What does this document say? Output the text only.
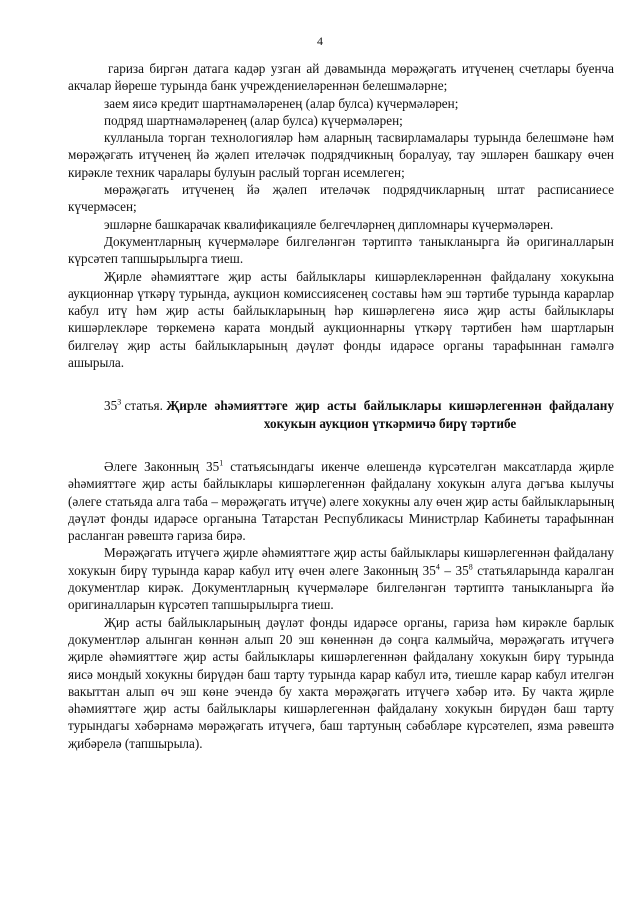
4

гариза биргән датага кадәр узган ай дәвамында мөрәҗәгать итүченең счетлары буенча акчалар йөреше турында банк учреждениеләреннән белешмәләрне;

заем яисә кредит шартнамәләренең (алар булса) күчермәләрен;

подряд шартнамәләренең (алар булса) күчермәләрен;

кулланыла торган технологияләр һәм аларның тасвирламалары турында белешмәне һәм мөрәҗәгать итүченең йә җәлеп ителәчәк подрядчикның боралуау, тау эшләрен башкару өчен кирәкле техник чаралары булуын раслый торган исемлеген;

мөрәҗәгать итүченең йә җәлеп ителәчәк подрядчикларның штат расписаниесе күчермәсен;

эшләрне башкарачак квалификацияле белгечләрнең дипломнары күчермәләрен.

Документларның күчермәләре билгеләнгән тәртиптә таныкланырга йә оригиналларын күрсәтеп тапшырылырга тиеш.

Җирле әһәмияттәге җир асты байлыклары кишәрлекләреннән файдалану хокукына аукционнар үткәрү турында, аукцион комиссиясенең составы һәм эш тәртибе турында карарлар кабул итү һәм җир асты байлыкларының һәр кишәрлегенә яисә җир асты байлыклары кишәрлекләре төркеменә карата мондый аукционнарны үткәрү тәртибен һәм шартларын билгеләү җир асты байлыкларының дәүләт фонды идарәсе органы тарафыннан гамәлгә ашырыла.

$35^3$ статья. Җирле әһәмияттәге җир асты байлыклары кишәрлегеннән файдалану хокукын аукцион үткәрмичә бирү тәртибе

Әлеге Законның $35^1$ статьясындагы икенче өлешендә күрсәтелгән максатларда җирле әһәмияттәге җир асты байлыклары кишәрлегеннән файдалану хокукын алуга дәгъва кылучы (әлеге статьяда алга таба – мөрәҗәгать итүче) әлеге хокукны алу өчен җир асты байлыкларының дәүләт фонды идарәсе органына Татарстан Республикасы Министрлар Кабинеты тарафыннан расланган рәвештә гариза бирә.

Мөрәҗәгать итүчегә җирле әһәмияттәге җир асты байлыклары кишәрлегеннән файдалану хокукын бирү турында карар кабул итү өчен әлеге Законның $35^4 - 35^8$ статьяларында каралган документлар кирәк. Документларның күчермәләре билгеләнгән тәртиптә таныкланырга йә оригиналларын күрсәтеп тапшырылырга тиеш.

Җир асты байлыкларының дәүләт фонды идарәсе органы, гариза һәм кирәкле барлык документләр алынган көннән алып 20 эш көненнән дә соңга калмыйча, мөрәҗәгать итүчегә җирле әһәмияттәге җир асты байлыклары кишәрлегеннән файдалану хокукын бирү турында яисә мондый хокукны бирүдән баш тарту турында карар кабул итә, тиешле карар кабул ителгән вакыттан алып өч эш көне эчендә бу хакта мөрәҗәгать итүчегә хәбәр итә. Бу чакта җирле әһәмияттәге җир асты байлыклары кишәрлегеннән файдалану хокукын бирүдән баш тарту турындагы хәбәрнамә мөрәҗәгать итүчегә, баш тартуның сәбәбләре күрсәтелеп, язма рәвештә җибәрелә (тапшырыла).
